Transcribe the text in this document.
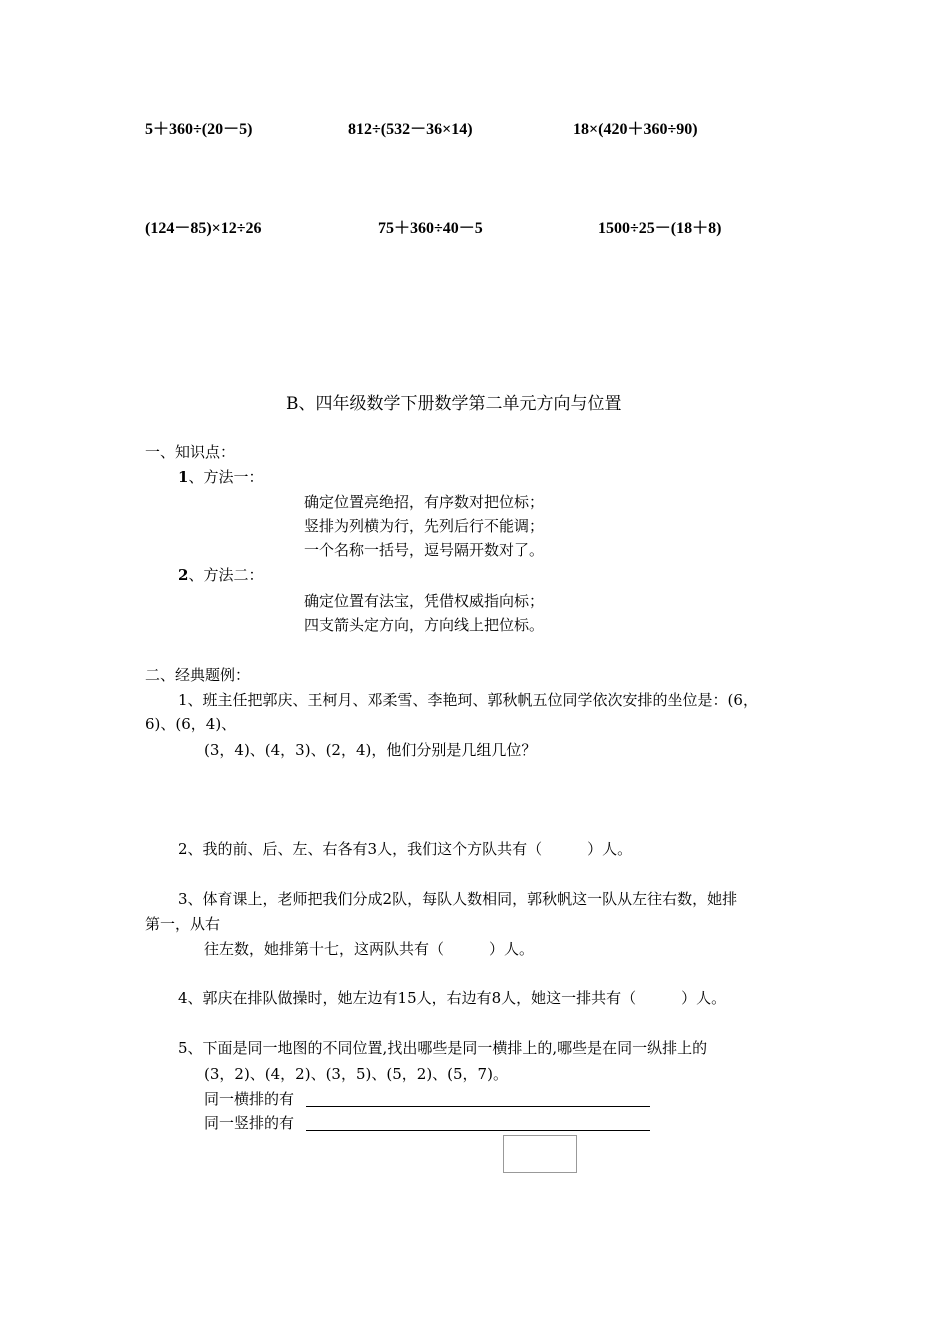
5＋360÷(20－5)	812÷(532－36×14)	18×(420＋360÷90)
(124－85)×12÷26	75＋360÷40－5	1500÷25－(18＋8)
B、四年级数学下册数学第二单元方向与位置
一、知识点：
1、方法一：
确定位置亮绝招，有序数对把位标；
竖排为列横为行，先列后行不能调；
一个名称一括号，逗号隔开数对了。
2、方法二：
确定位置有法宝，凭借权威指向标；
四支箭头定方向，方向线上把位标。
二、经典题例：
1、班主任把郭庆、王柯月、邓柔雪、李艳珂、郭秋帆五位同学依次安排的坐位是：(6，
6)、(6，4)、
(3，4)、(4，3)、(2，4)，他们分别是几组几位？
2、我的前、后、左、右各有3人，我们这个方队共有（　　　）人。
3、体育课上，老师把我们分成2队，每队人数相同，郭秋帆这一队从左往右数，她排
第一，从右
往左数，她排第十七，这两队共有（　　　）人。
4、郭庆在排队做操时，她左边有15人，右边有8人，她这一排共有（　　　）人。
5、下面是同一地图的不同位置,找出哪些是同一横排上的,哪些是在同一纵排上的
(3，2)、(4，2)、(3，5)、(5，2)、(5，7)。
同一横排的有
同一竖排的有
